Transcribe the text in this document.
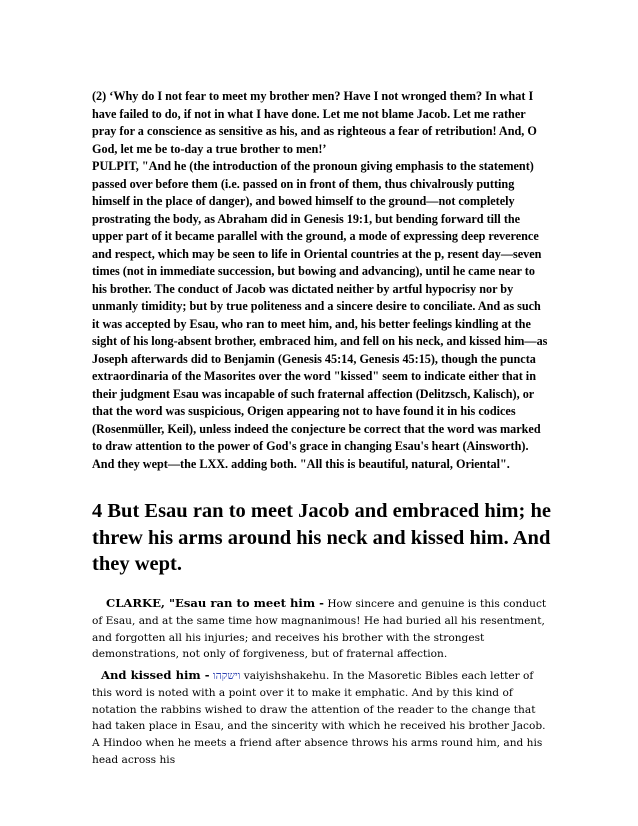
(2) ‘Why do I not fear to meet my brother men? Have I not wronged them? In what I have failed to do, if not in what I have done. Let me not blame Jacob. Let me rather pray for a conscience as sensitive as his, and as righteous a fear of retribution! And, O God, let me be to-day a true brother to men!’

PULPIT, "And he (the introduction of the pronoun giving emphasis to the statement) passed over before them (i.e. passed on in front of them, thus chivalrously putting himself in the place of danger), and bowed himself to the ground—not completely prostrating the body, as Abraham did in Genesis 19:1, but bending forward till the upper part of it became parallel with the ground, a mode of expressing deep reverence and respect, which may be seen to life in Oriental countries at the p, resent day—seven times (not in immediate succession, but bowing and advancing), until he came near to his brother. The conduct of Jacob was dictated neither by artful hypocrisy nor by unmanly timidity; but by true politeness and a sincere desire to conciliate. And as such it was accepted by Esau, who ran to meet him, and, his better feelings kindling at the sight of his long-absent brother, embraced him, and fell on his neck, and kissed him—as Joseph afterwards did to Benjamin (Genesis 45:14, Genesis 45:15), though the puncta extraordinaria of the Masorites over the word "kissed" seem to indicate either that in their judgment Esau was incapable of such fraternal affection (Delitzsch, Kalisch), or that the word was suspicious, Origen appearing not to have found it in his codices (Rosenmüller, Keil), unless indeed the conjecture be correct that the word was marked to draw attention to the power of God's grace in changing Esau's heart (Ainsworth). And they wept—the LXX. adding both. "All this is beautiful, natural, Oriental".

4 But Esau ran to meet Jacob and embraced him; he threw his arms around his neck and kissed him. And they wept.

CLARKE, "Esau ran to meet him - How sincere and genuine is this conduct of Esau, and at the same time how magnanimous! He had buried all his resentment, and forgotten all his injuries; and receives his brother with the strongest demonstrations, not only of forgiveness, but of fraternal affection.

And kissed him - וישקהו vaiyishshakehu. In the Masoretic Bibles each letter of this word is noted with a point over it to make it emphatic. And by this kind of notation the rabbins wished to draw the attention of the reader to the change that had taken place in Esau, and the sincerity with which he received his brother Jacob. A Hindoo when he meets a friend after absence throws his arms round him, and his head across his
